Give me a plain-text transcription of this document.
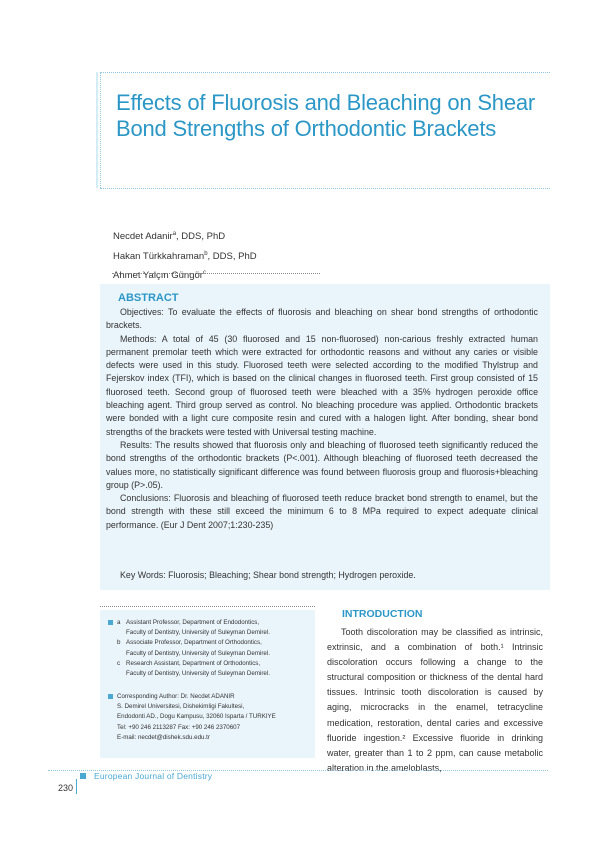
Effects of Fluorosis and Bleaching on Shear Bond Strengths of Orthodontic Brackets
Necdet Adanir$^a$, DDS, PhD
Hakan Türkkahraman$^b$, DDS, PhD
Ahmet Yalçın Güngör$^c$
ABSTRACT

Objectives: To evaluate the effects of fluorosis and bleaching on shear bond strengths of orthodontic brackets.

Methods: A total of 45 (30 fluorosed and 15 non-fluorosed) non-carious freshly extracted human permanent premolar teeth which were extracted for orthodontic reasons and without any caries or visible defects were used in this study. Fluorosed teeth were selected according to the modified Thylstrup and Fejerskov index (TFI), which is based on the clinical changes in fluorosed teeth. First group consisted of 15 fluorosed teeth. Second group of fluorosed teeth were bleached with a 35% hydrogen peroxide office bleaching agent. Third group served as control. No bleaching procedure was applied. Orthodontic brackets were bonded with a light cure composite resin and cured with a halogen light. After bonding, shear bond strengths of the brackets were tested with Universal testing machine.

Results: The results showed that fluorosis only and bleaching of fluorosed teeth significantly reduced the bond strengths of the orthodontic brackets (P<.001). Although bleaching of fluorosed teeth decreased the values more, no statistically significant difference was found between fluorosis group and fluorosis+bleaching group (P>.05).

Conclusions: Fluorosis and bleaching of fluorosed teeth reduce bracket bond strength to enamel, but the bond strength with these still exceed the minimum 6 to 8 MPa required to expect adequate clinical performance. (Eur J Dent 2007;1:230-235)

Key Words: Fluorosis; Bleaching; Shear bond strength; Hydrogen peroxide.
a Assistant Professor, Department of Endodontics,
Faculty of Dentistry, University of Suleyman Demirel.
b Associate Professor, Department of Orthodontics,
Faculty of Dentistry, University of Suleyman Demirel.
c Research Assistant, Department of Orthodontics,
Faculty of Dentistry, University of Suleyman Demirel.
Corresponding Author: Dr. Necdet ADANIR
S. Demirel Universitesi, Dishekimligi Fakultesi,
Endodonti AD., Dogu Kampusu, 32060 Isparta / TURKIYE
Tel: +90 246 2113287 Fax: +90 246 2370607
E-mail: necdet@dishek.sdu.edu.tr
INTRODUCTION

Tooth discoloration may be classified as intrinsic, extrinsic, and a combination of both.¹ Intrinsic discoloration occurs following a change to the structural composition or thickness of the dental hard tissues. Intrinsic tooth discoloration is caused by aging, microcracks in the enamel, tetracycline medication, restoration, dental caries and excessive fluoride ingestion.² Excessive fluoride in drinking water, greater than 1 to 2 ppm, can cause metabolic alteration in the ameloblasts,

European Journal of Dentistry
230
